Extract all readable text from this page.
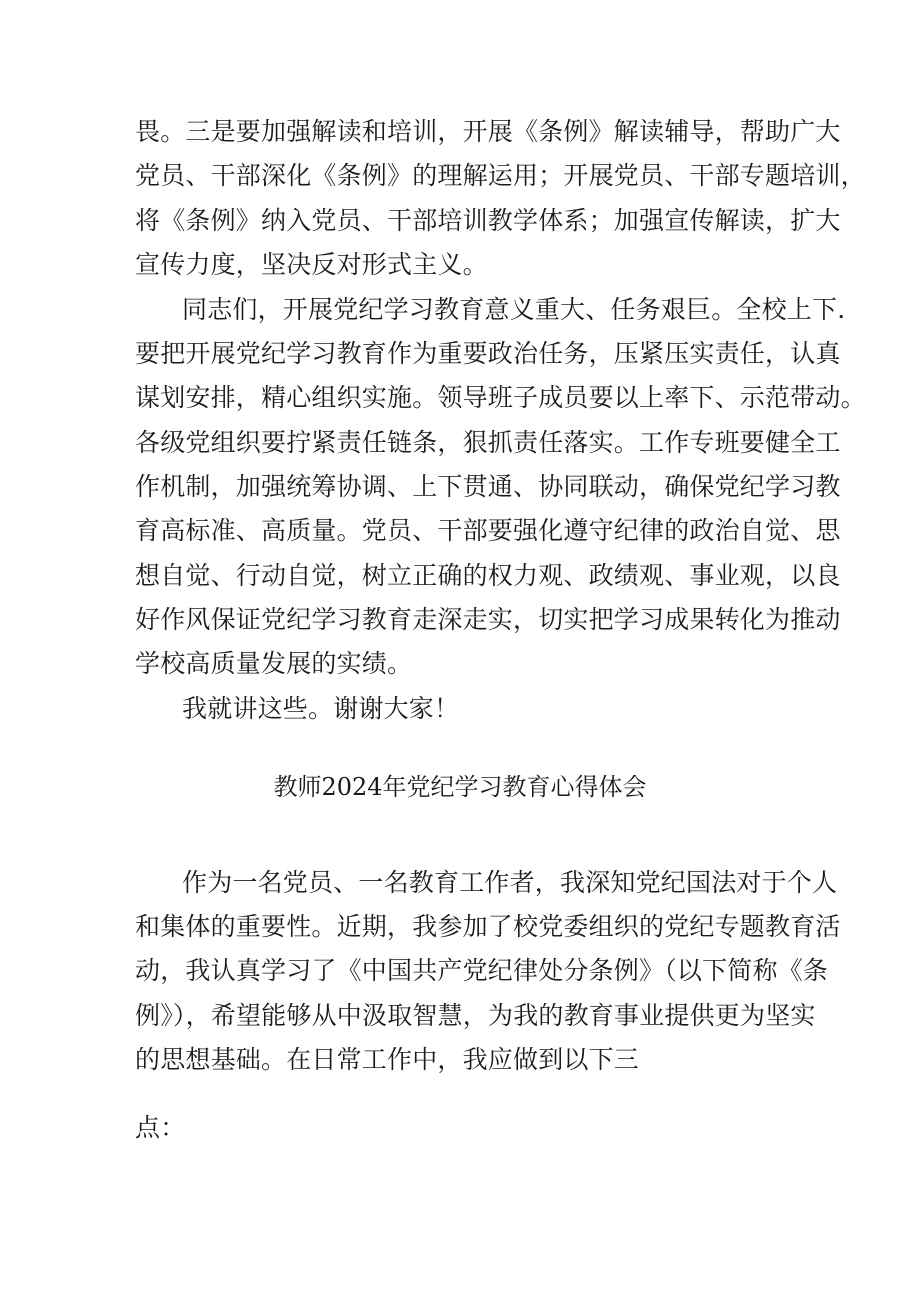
畏。三是要加强解读和培训，开展《条例》解读辅导，帮助广大
党员、干部深化《条例》的理解运用；开展党员、干部专题培训，
将《条例》纳入党员、干部培训教学体系；加强宣传解读，扩大
宣传力度，坚决反对形式主义。
同志们，开展党纪学习教育意义重大、任务艰巨。全校上下.
要把开展党纪学习教育作为重要政治任务，压紧压实责任，认真
谋划安排，精心组织实施。领导班子成员要以上率下、示范带动。
各级党组织要拧紧责任链条，狠抓责任落实。工作专班要健全工
作机制，加强统筹协调、上下贯通、协同联动，确保党纪学习教
育高标准、高质量。党员、干部要强化遵守纪律的政治自觉、思
想自觉、行动自觉，树立正确的权力观、政绩观、事业观，以良
好作风保证党纪学习教育走深走实，切实把学习成果转化为推动
学校高质量发展的实绩。
我就讲这些。谢谢大家！
教师2024年党纪学习教育心得体会
作为一名党员、一名教育工作者，我深知党纪国法对于个人
和集体的重要性。近期，我参加了校党委组织的党纪专题教育活
动，我认真学习了《中国共产党纪律处分条例》（以下简称《条
例》），希望能够从中汲取智慧，为我的教育事业提供更为坚实
的思想基础。在日常工作中，我应做到以下三
点：
